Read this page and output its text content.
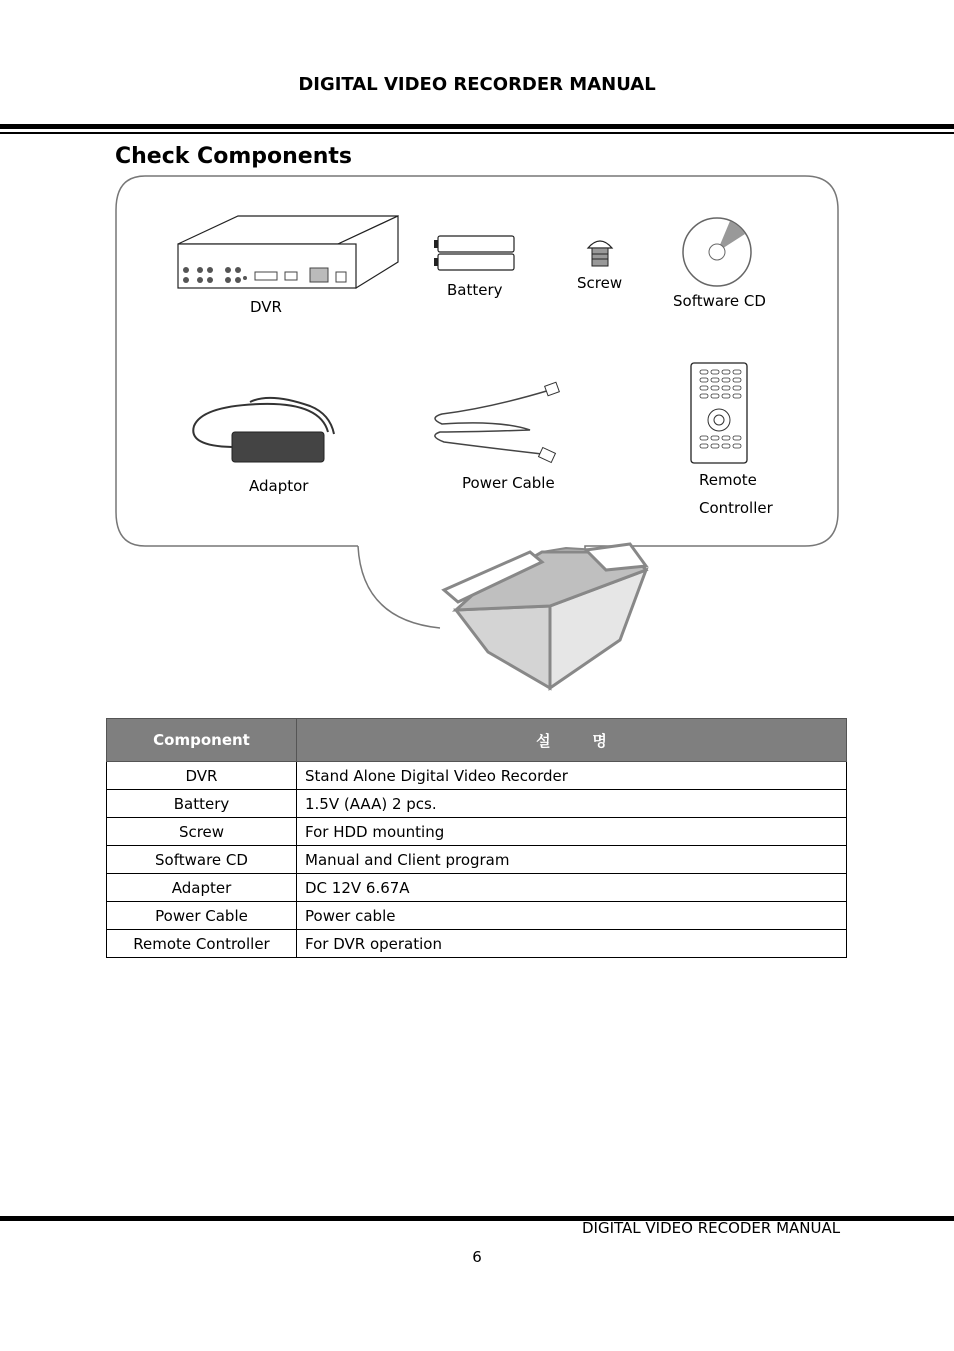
DIGITAL VIDEO RECORDER MANUAL
Check Components
DVR
Battery	Screw
Software CD
Adaptor	Power Cable	Remote
Controller
Component	설        명
DVR	Stand Alone Digital Video Recorder
Battery	1.5V (AAA) 2 pcs.
Screw	For HDD mounting
Software CD	Manual and Client program
Adapter	DC 12V 6.67A
Power Cable	Power cable
Remote Controller	For DVR operation
DIGITAL VIDEO RECODER MANUAL
6
